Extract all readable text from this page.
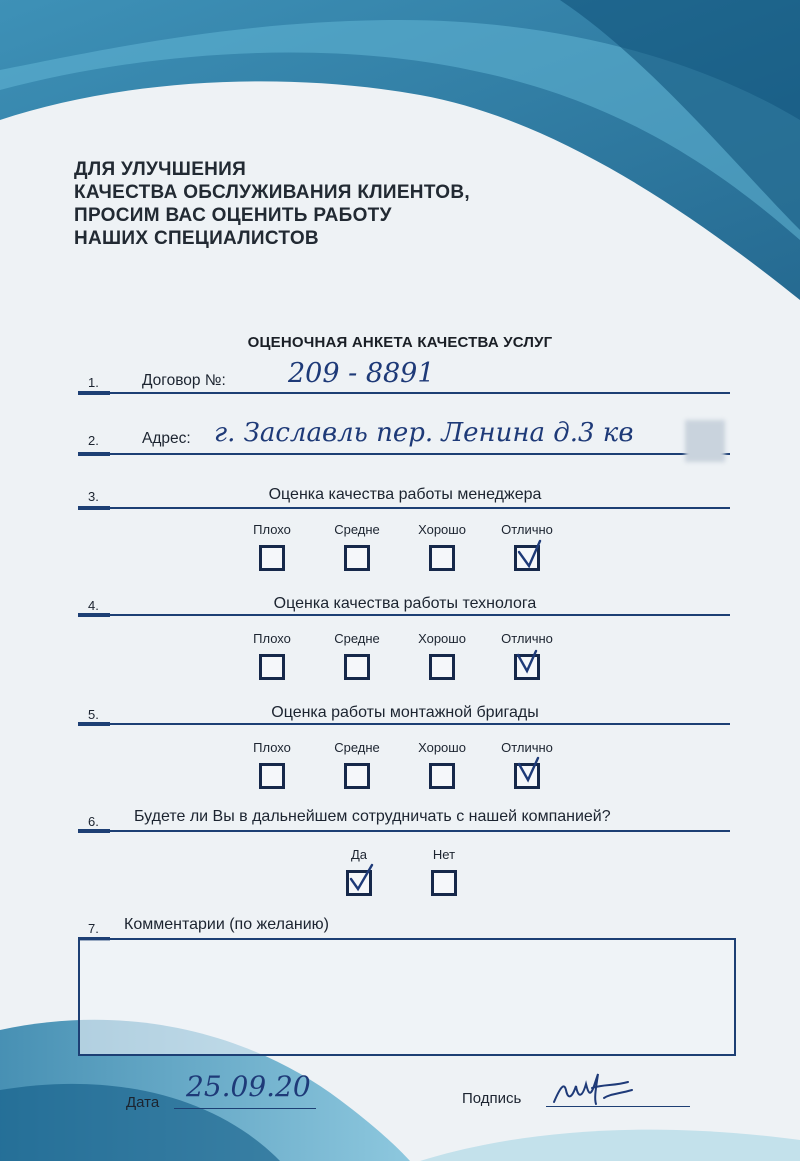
ДЛЯ УЛУЧШЕНИЯ
КАЧЕСТВА ОБСЛУЖИВАНИЯ КЛИЕНТОВ,
ПРОСИМ ВАС ОЦЕНИТЬ РАБОТУ
НАШИХ СПЕЦИАЛИСТОВ
ОЦЕНОЧНАЯ АНКЕТА КАЧЕСТВА УСЛУГ
1.	Договор №: 209 - 8891
2.	Адрес: г. Заславль пер. Ленина д.3 кв
3.	Оценка качества работы менеджера
Плохо	Средне	Хорошо	Отлично
4.	Оценка качества работы технолога
Плохо	Средне	Хорошо	Отлично
5.	Оценка работы монтажной бригады
Плохо	Средне	Хорошо	Отлично
6. Будете ли Вы в дальнейшем сотрудничать с нашей компанией?
Да	Нет
7. Комментарии (по желанию)
Дата 25.09.20	Подпись
